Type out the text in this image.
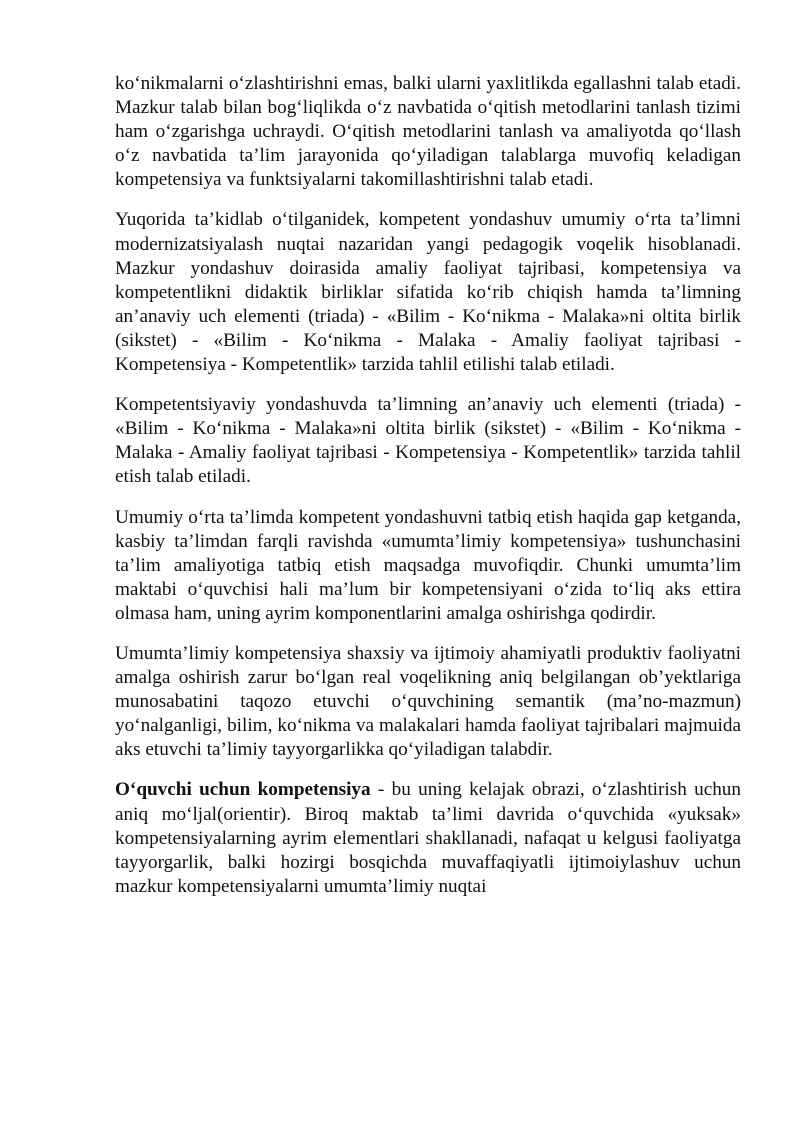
koʻnikmalarni oʻzlashtirishni emas, balki ularni yaxlitlikda egallashni talab etadi. Mazkur talab bilan bogʻliqlikda oʻz navbatida oʻqitish metodlarini tanlash tizimi ham oʻzgarishga uchraydi. Oʻqitish metodlarini tanlash va amaliyotda qoʻllash oʻz navbatida ta’lim jarayonida qoʻyiladigan talablarga muvofiq keladigan kompetensiya va funktsiyalarni takomillashtirishni talab etadi.

Yuqorida ta’kidlab oʻtilganidek, kompetent yondashuv umumiy oʻrta ta’limni modernizatsiyalash nuqtai nazaridan yangi pedagogik voqelik hisoblanadi. Mazkur yondashuv doirasida amaliy faoliyat tajribasi, kompetensiya va kompetentlikni didaktik birliklar sifatida koʻrib chiqish hamda ta’limning an’anaviy uch elementi (triada) - «Bilim - Koʻnikma - Malaka»ni oltita birlik (sikstet) - «Bilim - Koʻnikma - Malaka - Amaliy faoliyat tajribasi - Kompetensiya - Kompetentlik» tarzida tahlil etilishi talab etiladi.

Kompetentsiyaviy yondashuvda ta’limning an’anaviy uch elementi (triada) - «Bilim - Koʻnikma - Malaka»ni oltita birlik (sikstet) - «Bilim - Koʻnikma - Malaka - Amaliy faoliyat tajribasi - Kompetensiya - Kompetentlik» tarzida tahlil etish talab etiladi.

Umumiy oʻrta ta’limda kompetent yondashuvni tatbiq etish haqida gap ketganda, kasbiy ta’limdan farqli ravishda «umumta’limiy kompetensiya» tushunchasini ta’lim amaliyotiga tatbiq etish maqsadga muvofiqdir. Chunki umumta’lim maktabi oʻquvchisi hali ma’lum bir kompetensiyani oʻzida toʻliq aks ettira olmasa ham, uning ayrim komponentlarini amalga oshirishga qodirdir.

Umumta’limiy kompetensiya shaxsiy va ijtimoiy ahamiyatli produktiv faoliyatni amalga oshirish zarur boʻlgan real voqelikning aniq belgilangan ob’yektlariga munosabatini taqozo etuvchi oʻquvchining semantik (ma’no-mazmun) yoʻnalganligi, bilim, koʻnikma va malakalari hamda faoliyat tajribalari majmuida aks etuvchi ta’limiy tayyorgarlikka qoʻyiladigan talabdir.

Oʻquvchi uchun kompetensiya - bu uning kelajak obrazi, oʻzlashtirish uchun aniq moʻljal(orientir). Biroq maktab ta’limi davrida oʻquvchida «yuksak» kompetensiyalarning ayrim elementlari shakllanadi, nafaqat u kelgusi faoliyatga tayyorgarlik, balki hozirgi bosqichda muvaffaqiyatli ijtimoiylashuv uchun mazkur kompetensiyalarni umumta’limiy nuqtai
